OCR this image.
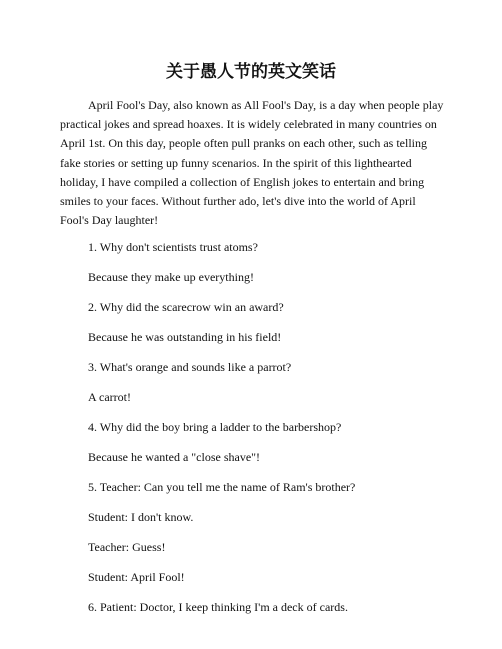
关于愚人节的英文笑话

April Fool's Day, also known as All Fool's Day, is a day when people play practical jokes and spread hoaxes. It is widely celebrated in many countries on April 1st. On this day, people often pull pranks on each other, such as telling fake stories or setting up funny scenarios. In the spirit of this lighthearted holiday, I have compiled a collection of English jokes to entertain and bring smiles to your faces. Without further ado, let's dive into the world of April Fool's Day laughter!

1. Why don't scientists trust atoms?
Because they make up everything!
2. Why did the scarecrow win an award?
Because he was outstanding in his field!
3. What's orange and sounds like a parrot?
A carrot!
4. Why did the boy bring a ladder to the barbershop?
Because he wanted a "close shave"!
5. Teacher: Can you tell me the name of Ram's brother?
Student: I don't know.
Teacher: Guess!
Student: April Fool!
6. Patient: Doctor, I keep thinking I'm a deck of cards.
